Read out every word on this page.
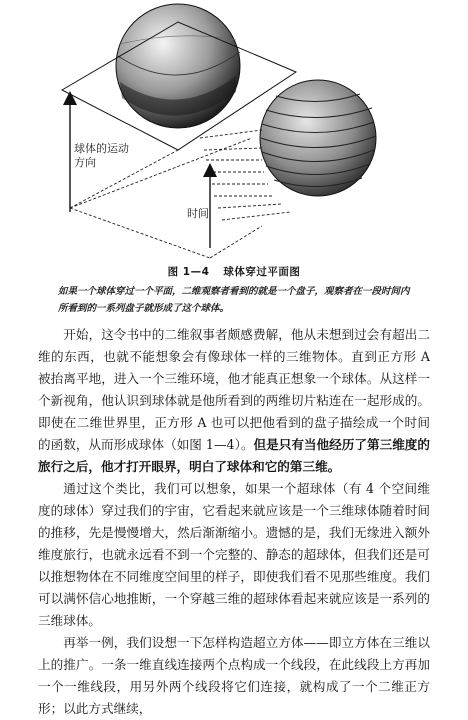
球体的运动方向
时间
图 1—4 球体穿过平面图
如果一个球体穿过一个平面，二维观察者看到的就是一个盘子，观察者在一段时间内所看到的一系列盘子就形成了这个球体。

开始，这令书中的二维叙事者颇感费解，他从未想到过会有超出二维的东西，也就不能想象会有像球体一样的三维物体。直到正方形 A 被抬离平地，进入一个三维环境，他才能真正想象一个球体。从这样一个新视角，他认识到球体就是他所看到的两维切片粘连在一起形成的。即使在二维世界里，正方形 A 也可以把他看到的盘子描绘成一个时间的函数，从而形成球体（如图 1—4）。但是只有当他经历了第三维度的旅行之后，他才打开眼界，明白了球体和它的第三维。

通过这个类比，我们可以想象，如果一个超球体（有 4 个空间维度的球体）穿过我们的宇宙，它看起来就应该是一个三维球体随着时间的推移，先是慢慢增大，然后渐渐缩小。遗憾的是，我们无缘进入额外维度旅行，也就永远看不到一个完整的、静态的超球体，但我们还是可以推想物体在不同维度空间里的样子，即使我们看不见那些维度。我们可以满怀信心地推断，一个穿越三维的超球体看起来就应该是一系列的三维球体。

再举一例，我们设想一下怎样构造超立方体——即立方体在三维以上的推广。一条一维直线连接两个点构成一个线段，在此线段上方再加一个一维线段，用另外两个线段将它们连接，就构成了一个二维正方形；以此方式继续，
